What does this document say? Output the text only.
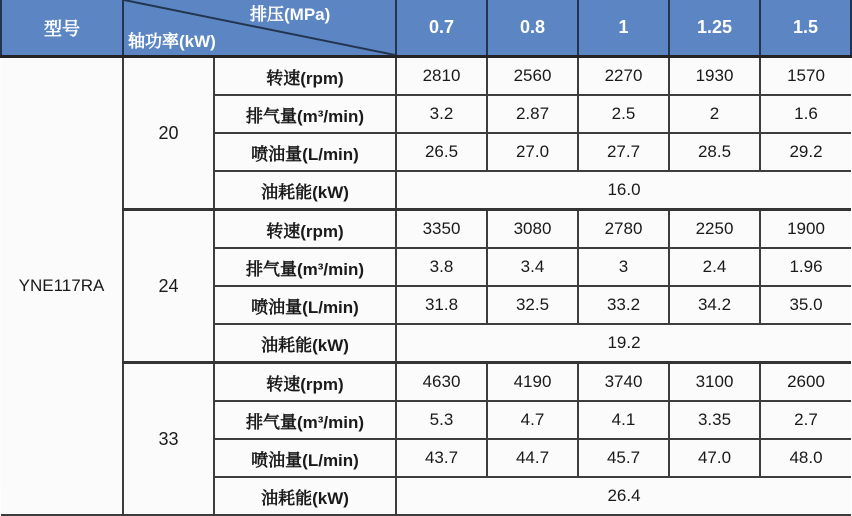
型号	排压(MPa)
轴功率(kW)		0.7	0.8	1	1.25	1.5
YNE117RA	20	转速(rpm)	2810	2560	2270	1930	1570
		排气量(m³/min)	3.2	2.87	2.5	2	1.6
		喷油量(L/min)	26.5	27.0	27.7	28.5	29.2
		油耗能(kW)	16.0				
	24	转速(rpm)	3350	3080	2780	2250	1900
		排气量(m³/min)	3.8	3.4	3	2.4	1.96
		喷油量(L/min)	31.8	32.5	33.2	34.2	35.0
		油耗能(kW)	19.2				
	33	转速(rpm)	4630	4190	3740	3100	2600
		排气量(m³/min)	5.3	4.7	4.1	3.35	2.7
		喷油量(L/min)	43.7	44.7	45.7	47.0	48.0
		油耗能(kW)	26.4				
